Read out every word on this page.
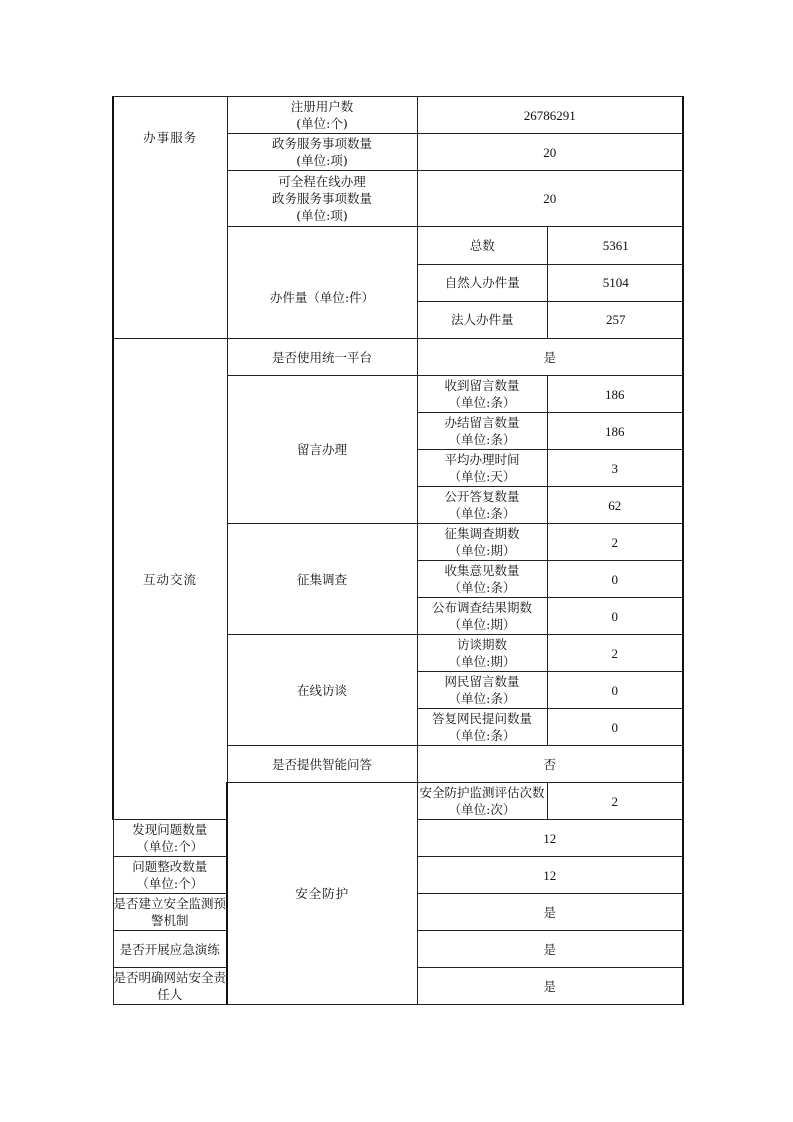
办事服务	
注册用户数
(单位:个)
	26786291

政务服务事项数量
(单位:项)
	20

可全程在线办理
政务服务事项数量
(单位:项)
	20

办件量（单位:件）

总数	5361
自然人办件量	5104
法人办件量	257

互动交流	是否使用统一平台	是
留言办理	
收到留言数量
（单位:条）
	186

办结留言数量
（单位:条）
	186

平均办理时间
（单位:天）
	3

公开答复数量
（单位:条）
	62
征集调查	
征集调查期数
（单位:期）
	2

收集意见数量
（单位:条）
	0

公布调查结果期数
（单位:期）
	0
在线访谈	
访谈期数
（单位:期）
	2

网民留言数量
（单位:条）
	0

答复网民提问数量
（单位:条）
	0
是否提供智能问答	否
安全防护	
安全防护监测评估次数
（单位:次）
	2

发现问题数量
（单位:个）
	12

问题整改数量
（单位:个）
	12
是否建立安全监测预警机制	是
是否开展应急演练	是
是否明确网站安全责任人	是
